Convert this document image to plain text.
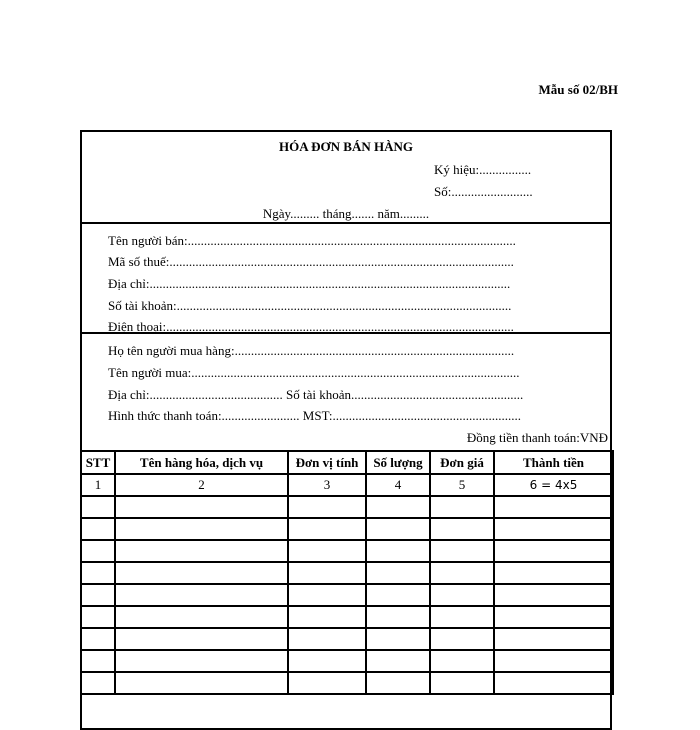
Mẫu số 02/BH
HÓA ĐƠN BÁN HÀNG
Ký hiệu:................
Số:.........................
Ngày......... tháng....... năm.........
Tên người bán:.....................................................................................................
Mã số thuế:..........................................................................................................
Địa chỉ:...............................................................................................................
Số tài khoản:.......................................................................................................
Điện thoại:...........................................................................................................
Họ tên người mua hàng:......................................................................................
Tên người mua:.....................................................................................................
Địa chỉ:......................................... Số tài khoản.....................................................
Hình thức thanh toán:........................ MST:..........................................................
Đồng tiền thanh toán:VNĐ
STT	Tên hàng hóa, dịch vụ	Đơn vị tính	Số lượng	Đơn giá	Thành tiền
1	2	3	4	5	6 = 4x5
